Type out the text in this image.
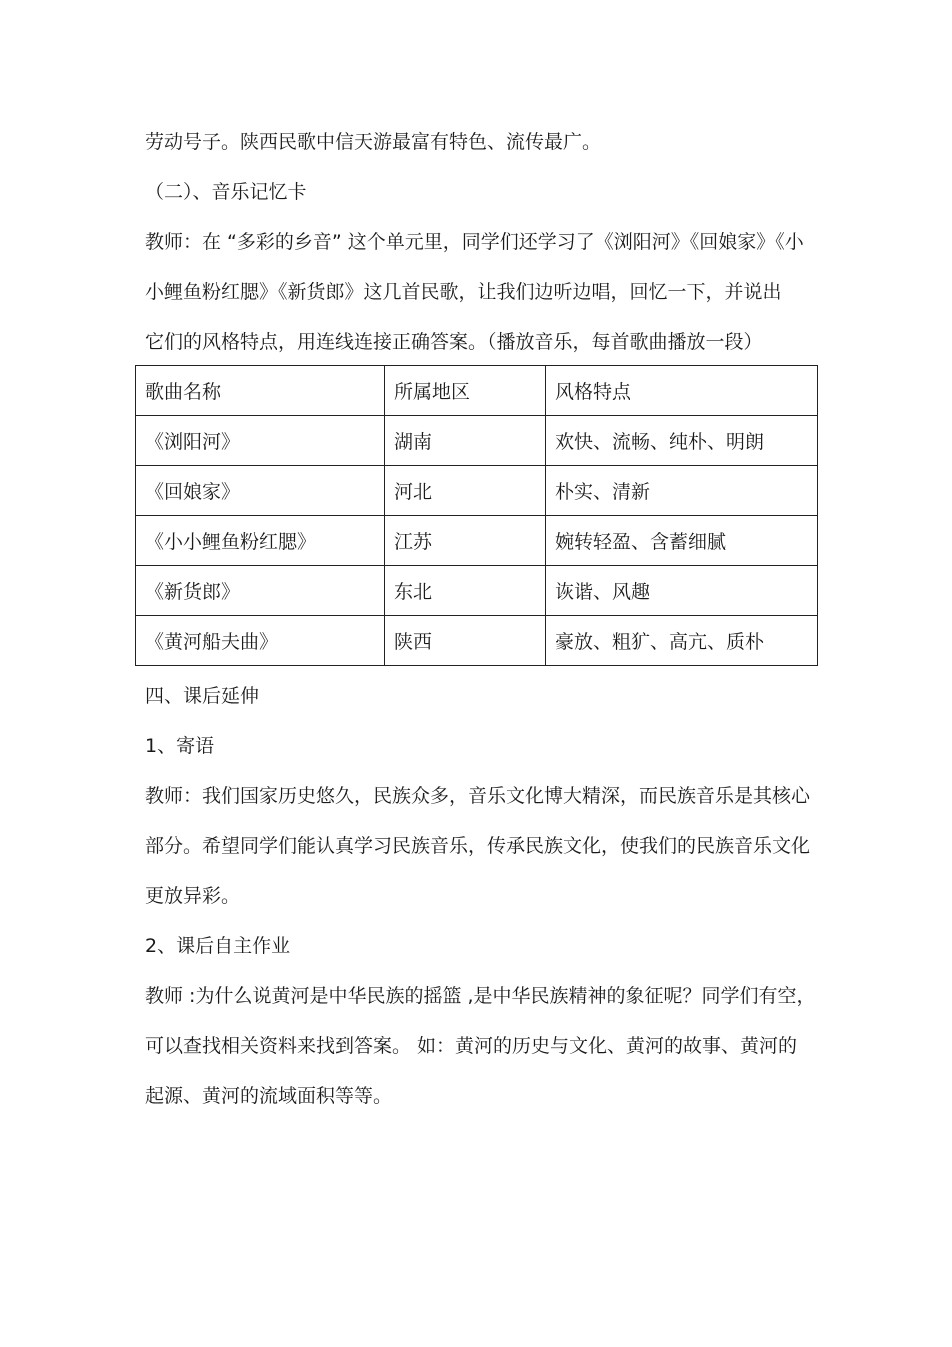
劳动号子。陕西民歌中信天游最富有特色、流传最广。
（二）、音乐记忆卡
教师：在 “多彩的乡音” 这个单元里，同学们还学习了《浏阳河》《回娘家》《小
小鲤鱼粉红腮》《新货郎》这几首民歌，让我们边听边唱，回忆一下，并说出
它们的风格特点，用连线连接正确答案。（播放音乐，每首歌曲播放一段）
歌曲名称	所属地区	风格特点
《浏阳河》	湖南	欢快、流畅、纯朴、明朗
《回娘家》	河北	朴实、清新
《小小鲤鱼粉红腮》	江苏	婉转轻盈、含蓄细腻
《新货郎》	东北	诙谐、风趣
《黄河船夫曲》	陕西	豪放、粗犷、高亢、质朴
四、课后延伸
1、寄语
教师：我们国家历史悠久，民族众多，音乐文化博大精深，而民族音乐是其核心
部分。希望同学们能认真学习民族音乐，传承民族文化，使我们的民族音乐文化
更放异彩。
2、课后自主作业
教师 :为什么说黄河是中华民族的摇篮 ,是中华民族精神的象征呢？同学们有空，
可以查找相关资料来找到答案。 如：黄河的历史与文化、黄河的故事、黄河的
起源、黄河的流域面积等等。
